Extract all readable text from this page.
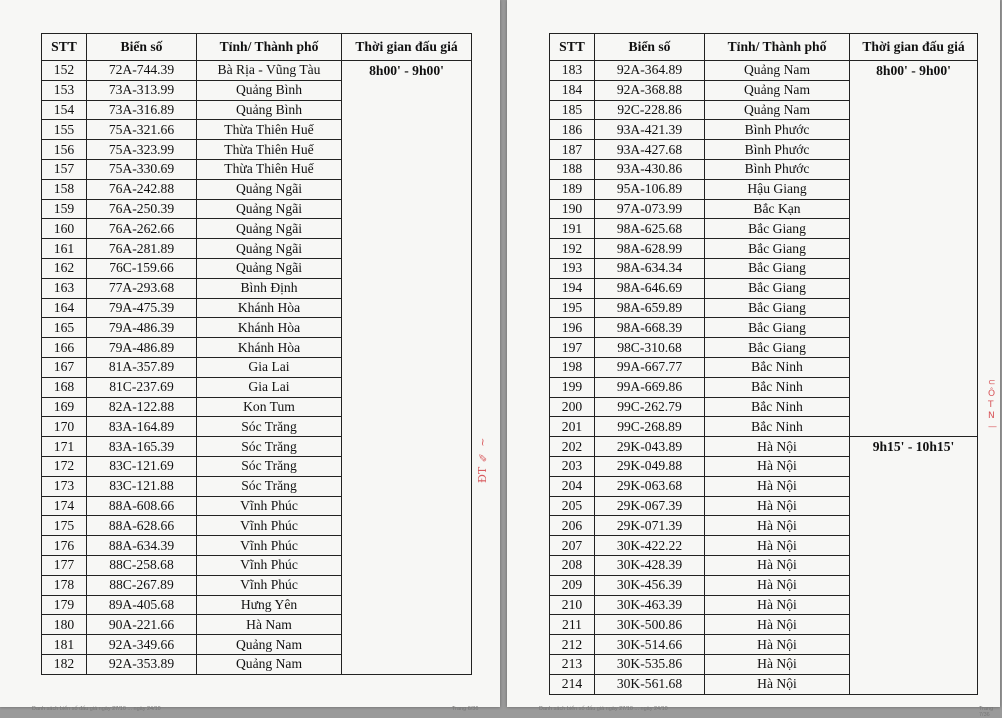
STT	Biển số	Tỉnh/ Thành phố	Thời gian đấu giá
152	72A-744.39	Bà Rịa - Vũng Tàu	8h00' - 9h00'
153	73A-313.99	Quảng Bình	
154	73A-316.89	Quảng Bình	
155	75A-321.66	Thừa Thiên Huế	
156	75A-323.99	Thừa Thiên Huế	
157	75A-330.69	Thừa Thiên Huế	
158	76A-242.88	Quảng Ngãi	
159	76A-250.39	Quảng Ngãi	
160	76A-262.66	Quảng Ngãi	
161	76A-281.89	Quảng Ngãi	
162	76C-159.66	Quảng Ngãi	
163	77A-293.68	Bình Định	
164	79A-475.39	Khánh Hòa	
165	79A-486.39	Khánh Hòa	
166	79A-486.89	Khánh Hòa	
167	81A-357.89	Gia Lai	
168	81C-237.69	Gia Lai	
169	82A-122.88	Kon Tum	
170	83A-164.89	Sóc Trăng	
171	83A-165.39	Sóc Trăng	
172	83C-121.69	Sóc Trăng	
173	83C-121.88	Sóc Trăng	
174	88A-608.66	Vĩnh Phúc	
175	88A-628.66	Vĩnh Phúc	
176	88A-634.39	Vĩnh Phúc	
177	88C-258.68	Vĩnh Phúc	
178	88C-267.89	Vĩnh Phúc	
179	89A-405.68	Hưng Yên	
180	90A-221.66	Hà Nam	
181	92A-349.66	Quảng Nam	
182	92A-353.89	Quảng Nam	
ĐT ✎ ~
Danh sách biển số đấu giá ngày 27/10 ... ngày 24/10	Trang 6/36
STT	Biển số	Tỉnh/ Thành phố	Thời gian đấu giá
183	92A-364.89	Quảng Nam	8h00' - 9h00'
184	92A-368.88	Quảng Nam	
185	92C-228.86	Quảng Nam	
186	93A-421.39	Bình Phước	
187	93A-427.68	Bình Phước	
188	93A-430.86	Bình Phước	
189	95A-106.89	Hậu Giang	
190	97A-073.99	Bắc Kạn	
191	98A-625.68	Bắc Giang	
192	98A-628.99	Bắc Giang	
193	98A-634.34	Bắc Giang	
194	98A-646.69	Bắc Giang	
195	98A-659.89	Bắc Giang	
196	98A-668.39	Bắc Giang	
197	98C-310.68	Bắc Giang	
198	99A-667.77	Bắc Ninh	
199	99A-669.86	Bắc Ninh	
200	99C-262.79	Bắc Ninh	
201	99C-268.89	Bắc Ninh	
202	29K-043.89	Hà Nội	9h15' - 10h15'
203	29K-049.88	Hà Nội	
204	29K-063.68	Hà Nội	
205	29K-067.39	Hà Nội	
206	29K-071.39	Hà Nội	
207	30K-422.22	Hà Nội	
208	30K-428.39	Hà Nội	
209	30K-456.39	Hà Nội	
210	30K-463.39	Hà Nội	
211	30K-500.86	Hà Nội	
212	30K-514.66	Hà Nội	
213	30K-535.86	Hà Nội	
214	30K-561.68	Hà Nội	
⊂
Ô
T
N
—
Danh sách biển số đấu giá ngày 27/10 ... ngày 24/10	Trang 7/36
